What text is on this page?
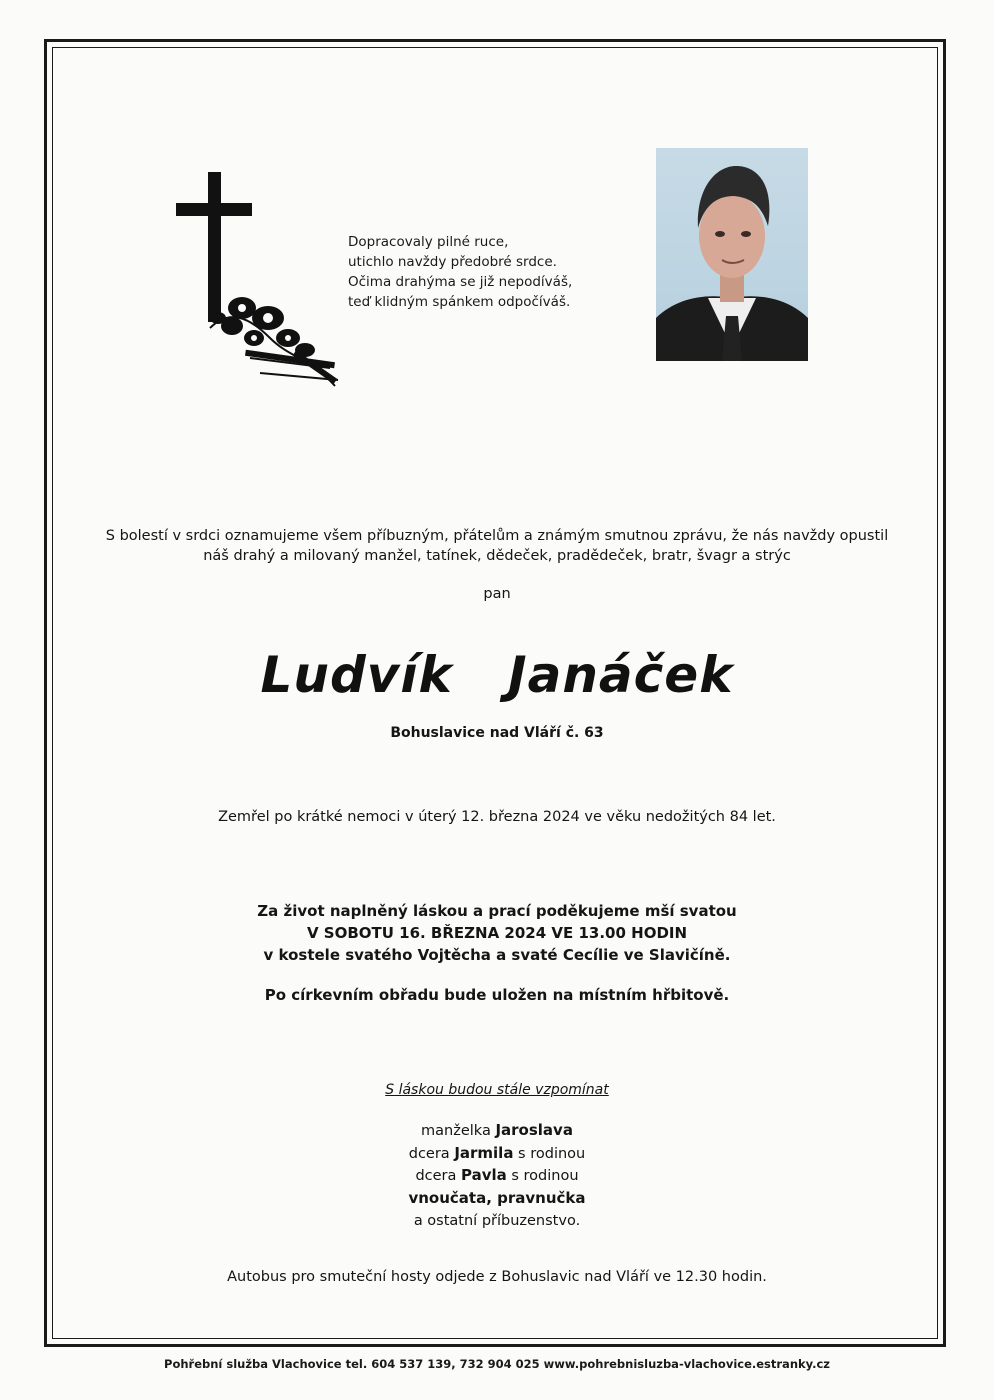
Dopracovaly pilné ruce,
utichlo navždy předobré srdce.
Očima drahýma se již nepodíváš,
teď klidným spánkem odpočíváš.
S bolestí v srdci oznamujeme všem příbuzným, přátelům a známým smutnou zprávu, že nás navždy opustil
náš drahý a milovaný manžel, tatínek, dědeček, pradědeček, bratr, švagr a strýc
pan
Ludvík Janáček
Bohuslavice nad Vláří č. 63
Zemřel po krátké nemoci v úterý 12. března 2024 ve věku nedožitých 84 let.
Za život naplněný láskou a prací poděkujeme mší svatou
V SOBOTU 16. BŘEZNA 2024 VE 13.00 HODIN
v kostele svatého Vojtěcha a svaté Cecílie ve Slavičíně.
Po církevním obřadu bude uložen na místním hřbitově.
S láskou budou stále vzpomínat
manželka Jaroslava
dcera Jarmila s rodinou
dcera Pavla s rodinou
vnoučata, pravnučka
a ostatní příbuzenstvo.
Autobus pro smuteční hosty odjede z Bohuslavic nad Vláří ve 12.30 hodin.
Pohřební služba Vlachovice tel. 604 537 139, 732 904 025 www.pohrebnisluzba-vlachovice.estranky.cz
